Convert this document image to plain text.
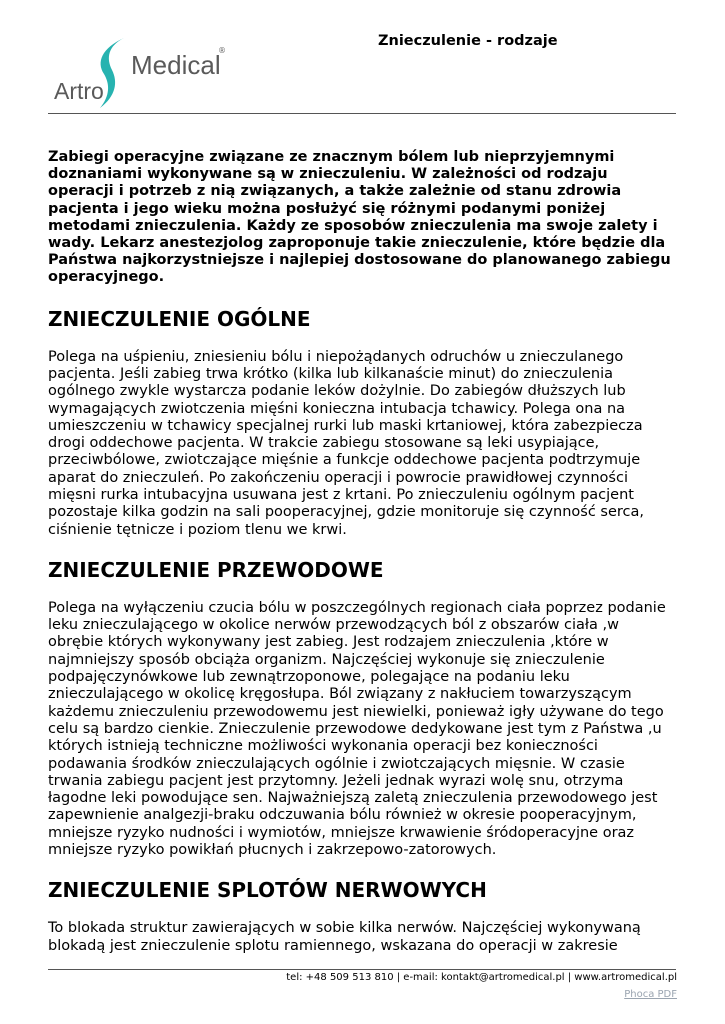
Artro
Medical
®
Znieczulenie - rodzaje

Zabiegi operacyjne związane ze znacznym bólem lub nieprzyjemnymi doznaniami wykonywane są w znieczuleniu. W zależności od rodzaju operacji i potrzeb z nią związanych, a także zależnie od stanu zdrowia pacjenta i jego wieku można posłużyć się różnymi podanymi poniżej metodami znieczulenia. Każdy ze sposobów znieczulenia ma swoje zalety i wady. Lekarz anestezjolog zaproponuje takie znieczulenie, które będzie dla Państwa najkorzystniejsze i najlepiej dostosowane do planowanego zabiegu operacyjnego.

ZNIECZULENIE OGÓLNE

Polega na uśpieniu, zniesieniu bólu i niepożądanych odruchów u znieczulanego pacjenta. Jeśli zabieg trwa krótko (kilka lub kilkanaście minut) do znieczulenia ogólnego zwykle wystarcza podanie leków dożylnie. Do zabiegów dłuższych lub wymagających zwiotczenia mięśni konieczna intubacja tchawicy. Polega ona na umieszczeniu w tchawicy specjalnej rurki lub maski krtaniowej, która zabezpiecza drogi oddechowe pacjenta. W trakcie zabiegu stosowane są leki usypiające, przeciwbólowe, zwiotczające mięśnie a funkcje oddechowe pacjenta podtrzymuje aparat do znieczuleń. Po zakończeniu operacji i powrocie prawidłowej czynności mięsni rurka intubacyjna usuwana jest z krtani. Po znieczuleniu ogólnym pacjent pozostaje kilka godzin na sali pooperacyjnej, gdzie monitoruje się czynność serca, ciśnienie tętnicze i poziom tlenu we krwi.

ZNIECZULENIE PRZEWODOWE

Polega na wyłączeniu czucia bólu w poszczególnych regionach ciała poprzez podanie leku znieczulającego w okolice nerwów przewodzących ból z obszarów ciała ,w obrębie których wykonywany jest zabieg. Jest rodzajem znieczulenia ,które w najmniejszy sposób obciąża organizm. Najczęściej wykonuje się znieczulenie podpajęczynówkowe lub zewnątrzoponowe, polegające na podaniu leku znieczulającego w okolicę kręgosłupa. Ból związany z nakłuciem towarzyszącym każdemu znieczuleniu przewodowemu jest niewielki, ponieważ igły używane do tego celu są bardzo cienkie. Znieczulenie przewodowe dedykowane jest tym z Państwa ,u których istnieją techniczne możliwości wykonania operacji bez konieczności podawania środków znieczulających ogólnie i zwiotczających mięsnie. W czasie trwania zabiegu pacjent jest przytomny. Jeżeli jednak wyrazi wolę snu, otrzyma łagodne leki powodujące sen. Najważniejszą zaletą znieczulenia przewodowego jest zapewnienie analgezji-braku odczuwania bólu również w okresie pooperacyjnym, mniejsze ryzyko nudności i wymiotów, mniejsze krwawienie śródoperacyjne oraz mniejsze ryzyko powikłań płucnych i zakrzepowo-zatorowych.

ZNIECZULENIE SPLOTÓW NERWOWYCH

To blokada struktur zawierających w sobie kilka nerwów. Najczęściej wykonywaną blokadą jest znieczulenie splotu ramiennego, wskazana do operacji w zakresie

tel: +48 509 513 810 | e-mail: kontakt@artromedical.pl | www.artromedical.pl
Phoca PDF
